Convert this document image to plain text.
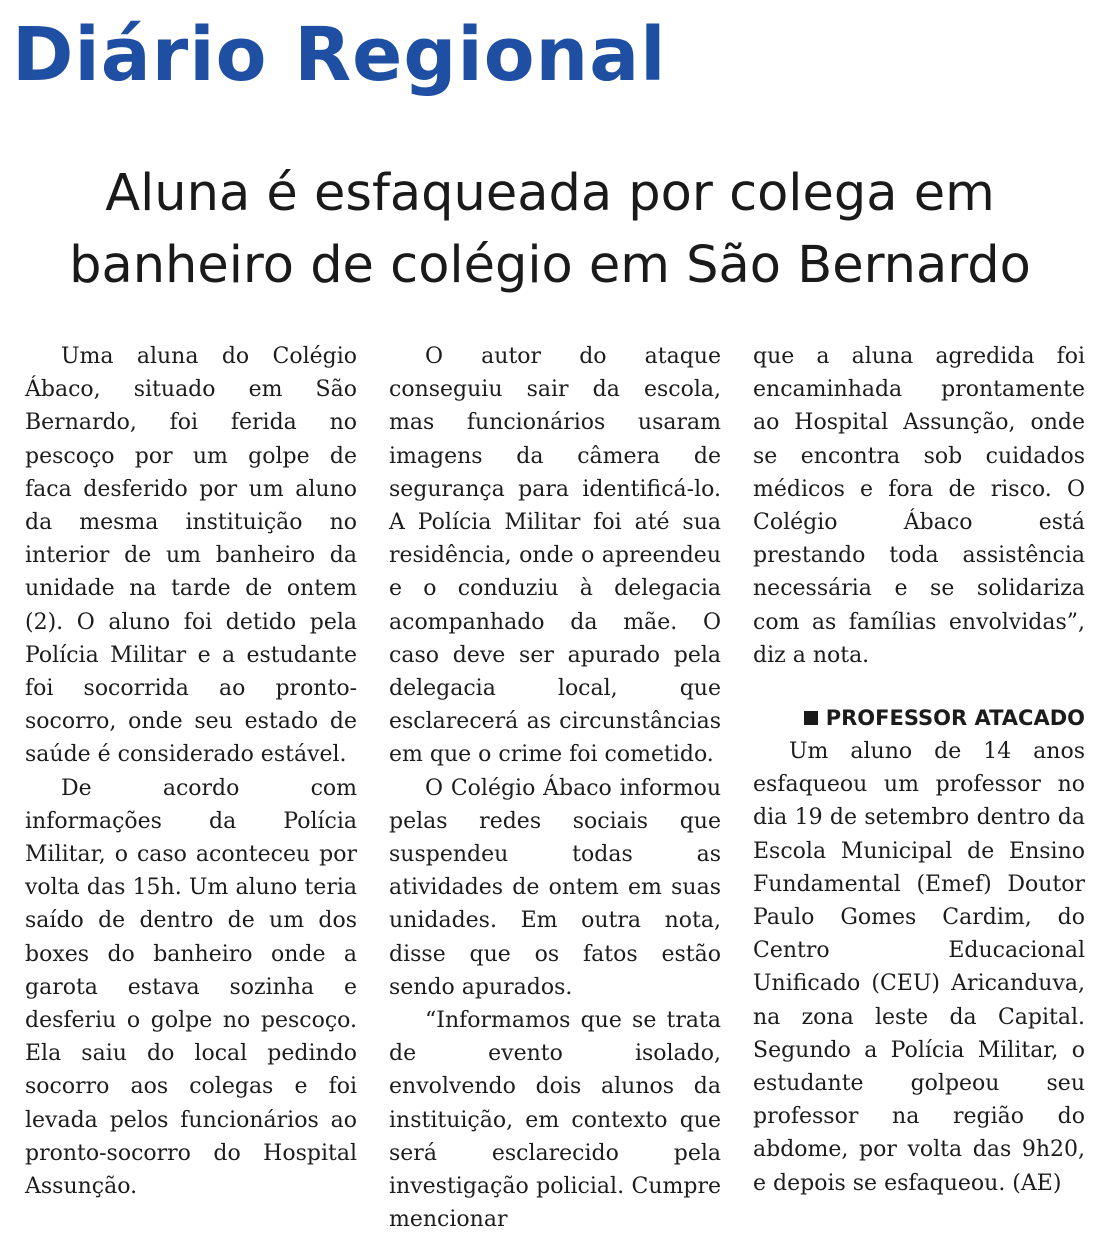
Diário Regional
Aluna é esfaqueada por colega em
banheiro de colégio em São Bernardo

Uma aluna do Colégio Ábaco, situado em São Bernardo, foi ferida no pescoço por um golpe de faca desferido por um aluno da mesma instituição no interior de um banheiro da unidade na tarde de ontem (2). O aluno foi detido pela Polícia Militar e a estudante foi socorrida ao pronto-socorro, onde seu estado de saúde é considerado estável.

De acordo com informações da Polícia Militar, o caso aconteceu por volta das 15h. Um aluno teria saído de dentro de um dos boxes do banheiro onde a garota estava sozinha e desferiu o golpe no pescoço. Ela saiu do local pedindo socorro aos colegas e foi levada pelos funcionários ao pronto-socorro do Hospital Assunção.

O autor do ataque conseguiu sair da escola, mas funcionários usaram imagens da câmera de segurança para identificá-lo. A Polícia Militar foi até sua residência, onde o apreendeu e o conduziu à delegacia acompanhado da mãe. O caso deve ser apurado pela delegacia local, que esclarecerá as circunstâncias em que o crime foi cometido.

O Colégio Ábaco informou pelas redes sociais que suspendeu todas as atividades de ontem em suas unidades. Em outra nota, disse que os fatos estão sendo apurados.

“Informamos que se trata de evento isolado, envolvendo dois alunos da instituição, em contexto que será esclarecido pela investigação policial. Cumpre mencionar

que a aluna agredida foi encaminhada prontamente ao Hospital Assunção, onde se encontra sob cuidados médicos e fora de risco. O Colégio Ábaco está prestando toda assistência necessária e se solidariza com as famílias envolvidas”, diz a nota.

PROFESSOR ATACADO

Um aluno de 14 anos esfaqueou um professor no dia 19 de setembro dentro da Escola Municipal de Ensino Fundamental (Emef) Doutor Paulo Gomes Cardim, do Centro Educacional Unificado (CEU) Aricanduva, na zona leste da Capital. Segundo a Polícia Militar, o estudante golpeou seu professor na região do abdome, por volta das 9h20, e depois se esfaqueou. (AE)
